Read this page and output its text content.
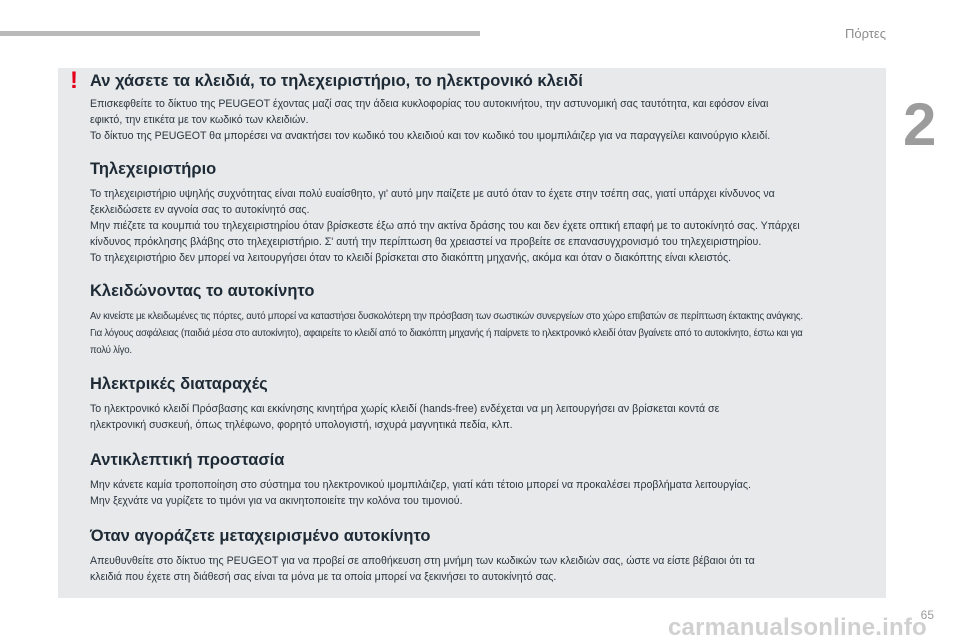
Πόρτες
2
! Αν χάσετε τα κλειδιά, το τηλεχειριστήριο, το ηλεκτρονικό κλειδί

Επισκεφθείτε το δίκτυο της PEUGEOT έχοντας μαζί σας την άδεια κυκλοφορίας του αυτοκινήτου, την αστυνομική σας ταυτότητα, και εφόσον είναι

εφικτό, την ετικέτα με τον κωδικό των κλειδιών.

Το δίκτυο της PEUGEOT θα μπορέσει να ανακτήσει τον κωδικό του κλειδιού και τον κωδικό του ιμομπιλάιζερ για να παραγγείλει καινούργιο κλειδί.

Τηλεχειριστήριο

Το τηλεχειριστήριο υψηλής συχνότητας είναι πολύ ευαίσθητο, γι' αυτό μην παίζετε με αυτό όταν το έχετε στην τσέπη σας, γιατί υπάρχει κίνδυνος να

ξεκλειδώσετε εν αγνοία σας το αυτοκίνητό σας.

Μην πιέζετε τα κουμπιά του τηλεχειριστηρίου όταν βρίσκεστε έξω από την ακτίνα δράσης του και δεν έχετε οπτική επαφή με το αυτοκίνητό σας. Υπάρχει

κίνδυνος πρόκλησης βλάβης στο τηλεχειριστήριο. Σ' αυτή την περίπτωση θα χρειαστεί να προβείτε σε επανασυγχρονισμό του τηλεχειριστηρίου.

Το τηλεχειριστήριο δεν μπορεί να λειτουργήσει όταν το κλειδί βρίσκεται στο διακόπτη μηχανής, ακόμα και όταν ο διακόπτης είναι κλειστός.

Κλειδώνοντας το αυτοκίνητο

Αν κινείστε με κλειδωμένες τις πόρτες, αυτό μπορεί να καταστήσει δυσκολότερη την πρόσβαση των σωστικών συνεργείων στο χώρο επιβατών σε περίπτωση έκτακτης ανάγκης.

Για λόγους ασφάλειας (παιδιά μέσα στο αυτοκίνητο), αφαιρείτε το κλειδί από το διακόπτη μηχανής ή παίρνετε το ηλεκτρονικό κλειδί όταν βγαίνετε από το αυτοκίνητο, έστω και για

πολύ λίγο.

Ηλεκτρικές διαταραχές

Το ηλεκτρονικό κλειδί Πρόσβασης και εκκίνησης κινητήρα χωρίς κλειδί (hands-free) ενδέχεται να μη λειτουργήσει αν βρίσκεται κοντά σε

ηλεκτρονική συσκευή, όπως τηλέφωνο, φορητό υπολογιστή, ισχυρά μαγνητικά πεδία, κλπ.

Αντικλεπτική προστασία

Μην κάνετε καμία τροποποίηση στο σύστημα του ηλεκτρονικού ιμομπιλάιζερ, γιατί κάτι τέτοιο μπορεί να προκαλέσει προβλήματα λειτουργίας.

Μην ξεχνάτε να γυρίζετε το τιμόνι για να ακινητοποιείτε την κολόνα του τιμονιού.

Όταν αγοράζετε μεταχειρισμένο αυτοκίνητο

Απευθυνθείτε στο δίκτυο της PEUGEOT για να προβεί σε αποθήκευση στη μνήμη των κωδικών των κλειδιών σας, ώστε να είστε βέβαιοι ότι τα

κλειδιά που έχετε στη διάθεσή σας είναι τα μόνα με τα οποία μπορεί να ξεκινήσει το αυτοκίνητό σας.

carmanualsonline.info
65
